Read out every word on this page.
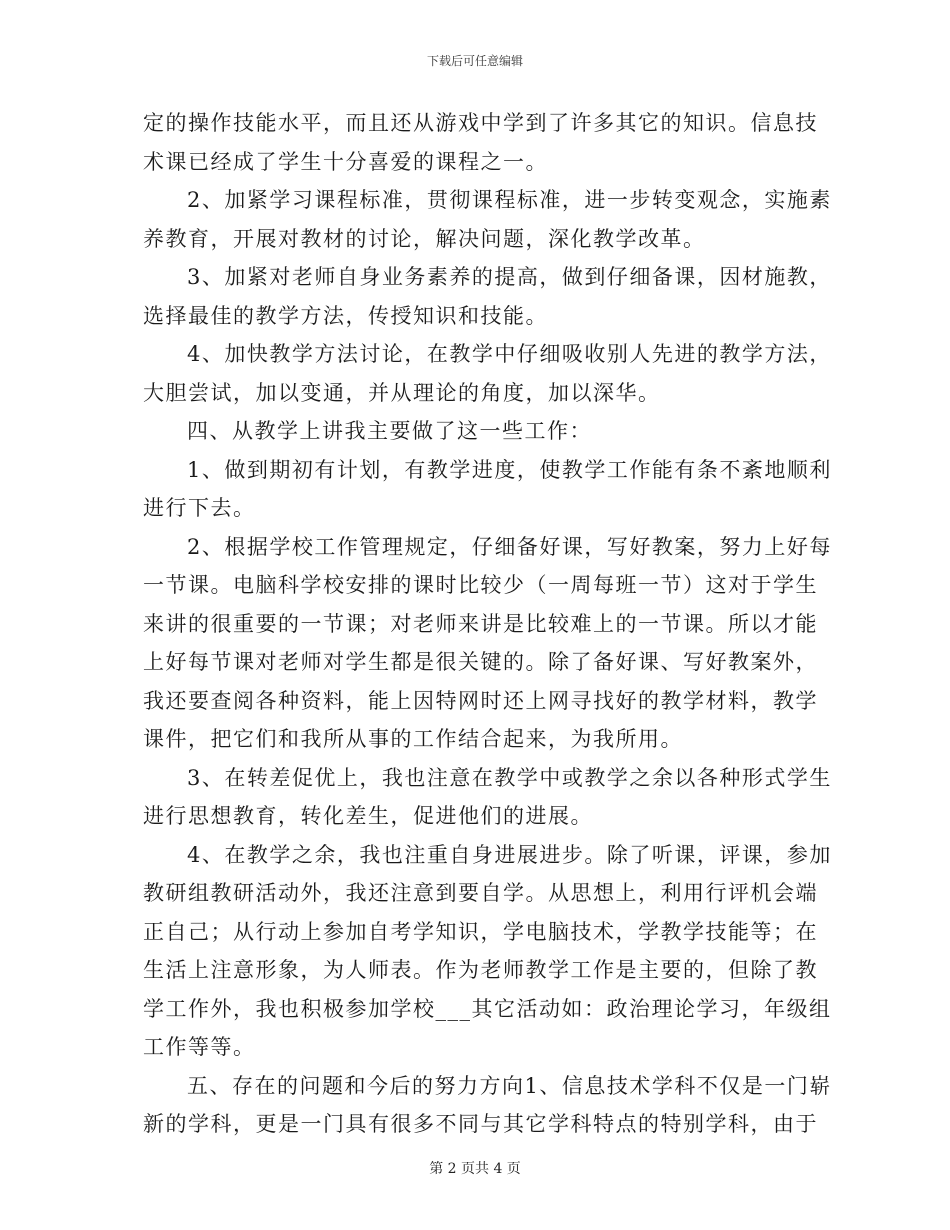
下载后可任意编辑
定的操作技能水平，而且还从游戏中学到了许多其它的知识。信息技
术课已经成了学生十分喜爱的课程之一。
2、加紧学习课程标准，贯彻课程标准，进一步转变观念，实施素
养教育，开展对教材的讨论，解决问题，深化教学改革。
3、加紧对老师自身业务素养的提高，做到仔细备课，因材施教，
选择最佳的教学方法，传授知识和技能。
4、加快教学方法讨论，在教学中仔细吸收别人先进的教学方法，
大胆尝试，加以变通，并从理论的角度，加以深华。
四、从教学上讲我主要做了这一些工作：
1、做到期初有计划，有教学进度，使教学工作能有条不紊地顺利
进行下去。
2、根据学校工作管理规定，仔细备好课，写好教案，努力上好每
一节课。电脑科学校安排的课时比较少（一周每班一节）这对于学生
来讲的很重要的一节课；对老师来讲是比较难上的一节课。所以才能
上好每节课对老师对学生都是很关键的。除了备好课、写好教案外，
我还要查阅各种资料，能上因特网时还上网寻找好的教学材料，教学
课件，把它们和我所从事的工作结合起来，为我所用。
3、在转差促优上，我也注意在教学中或教学之余以各种形式学生
进行思想教育，转化差生，促进他们的进展。
4、在教学之余，我也注重自身进展进步。除了听课，评课，参加
教研组教研活动外，我还注意到要自学。从思想上，利用行评机会端
正自己；从行动上参加自考学知识，学电脑技术，学教学技能等；在
生活上注意形象，为人师表。作为老师教学工作是主要的，但除了教
学工作外，我也积极参加学校___其它活动如：政治理论学习，年级组
工作等等。
五、存在的问题和今后的努力方向1、信息技术学科不仅是一门崭
新的学科，更是一门具有很多不同与其它学科特点的特别学科，由于
第 2 页共 4 页
